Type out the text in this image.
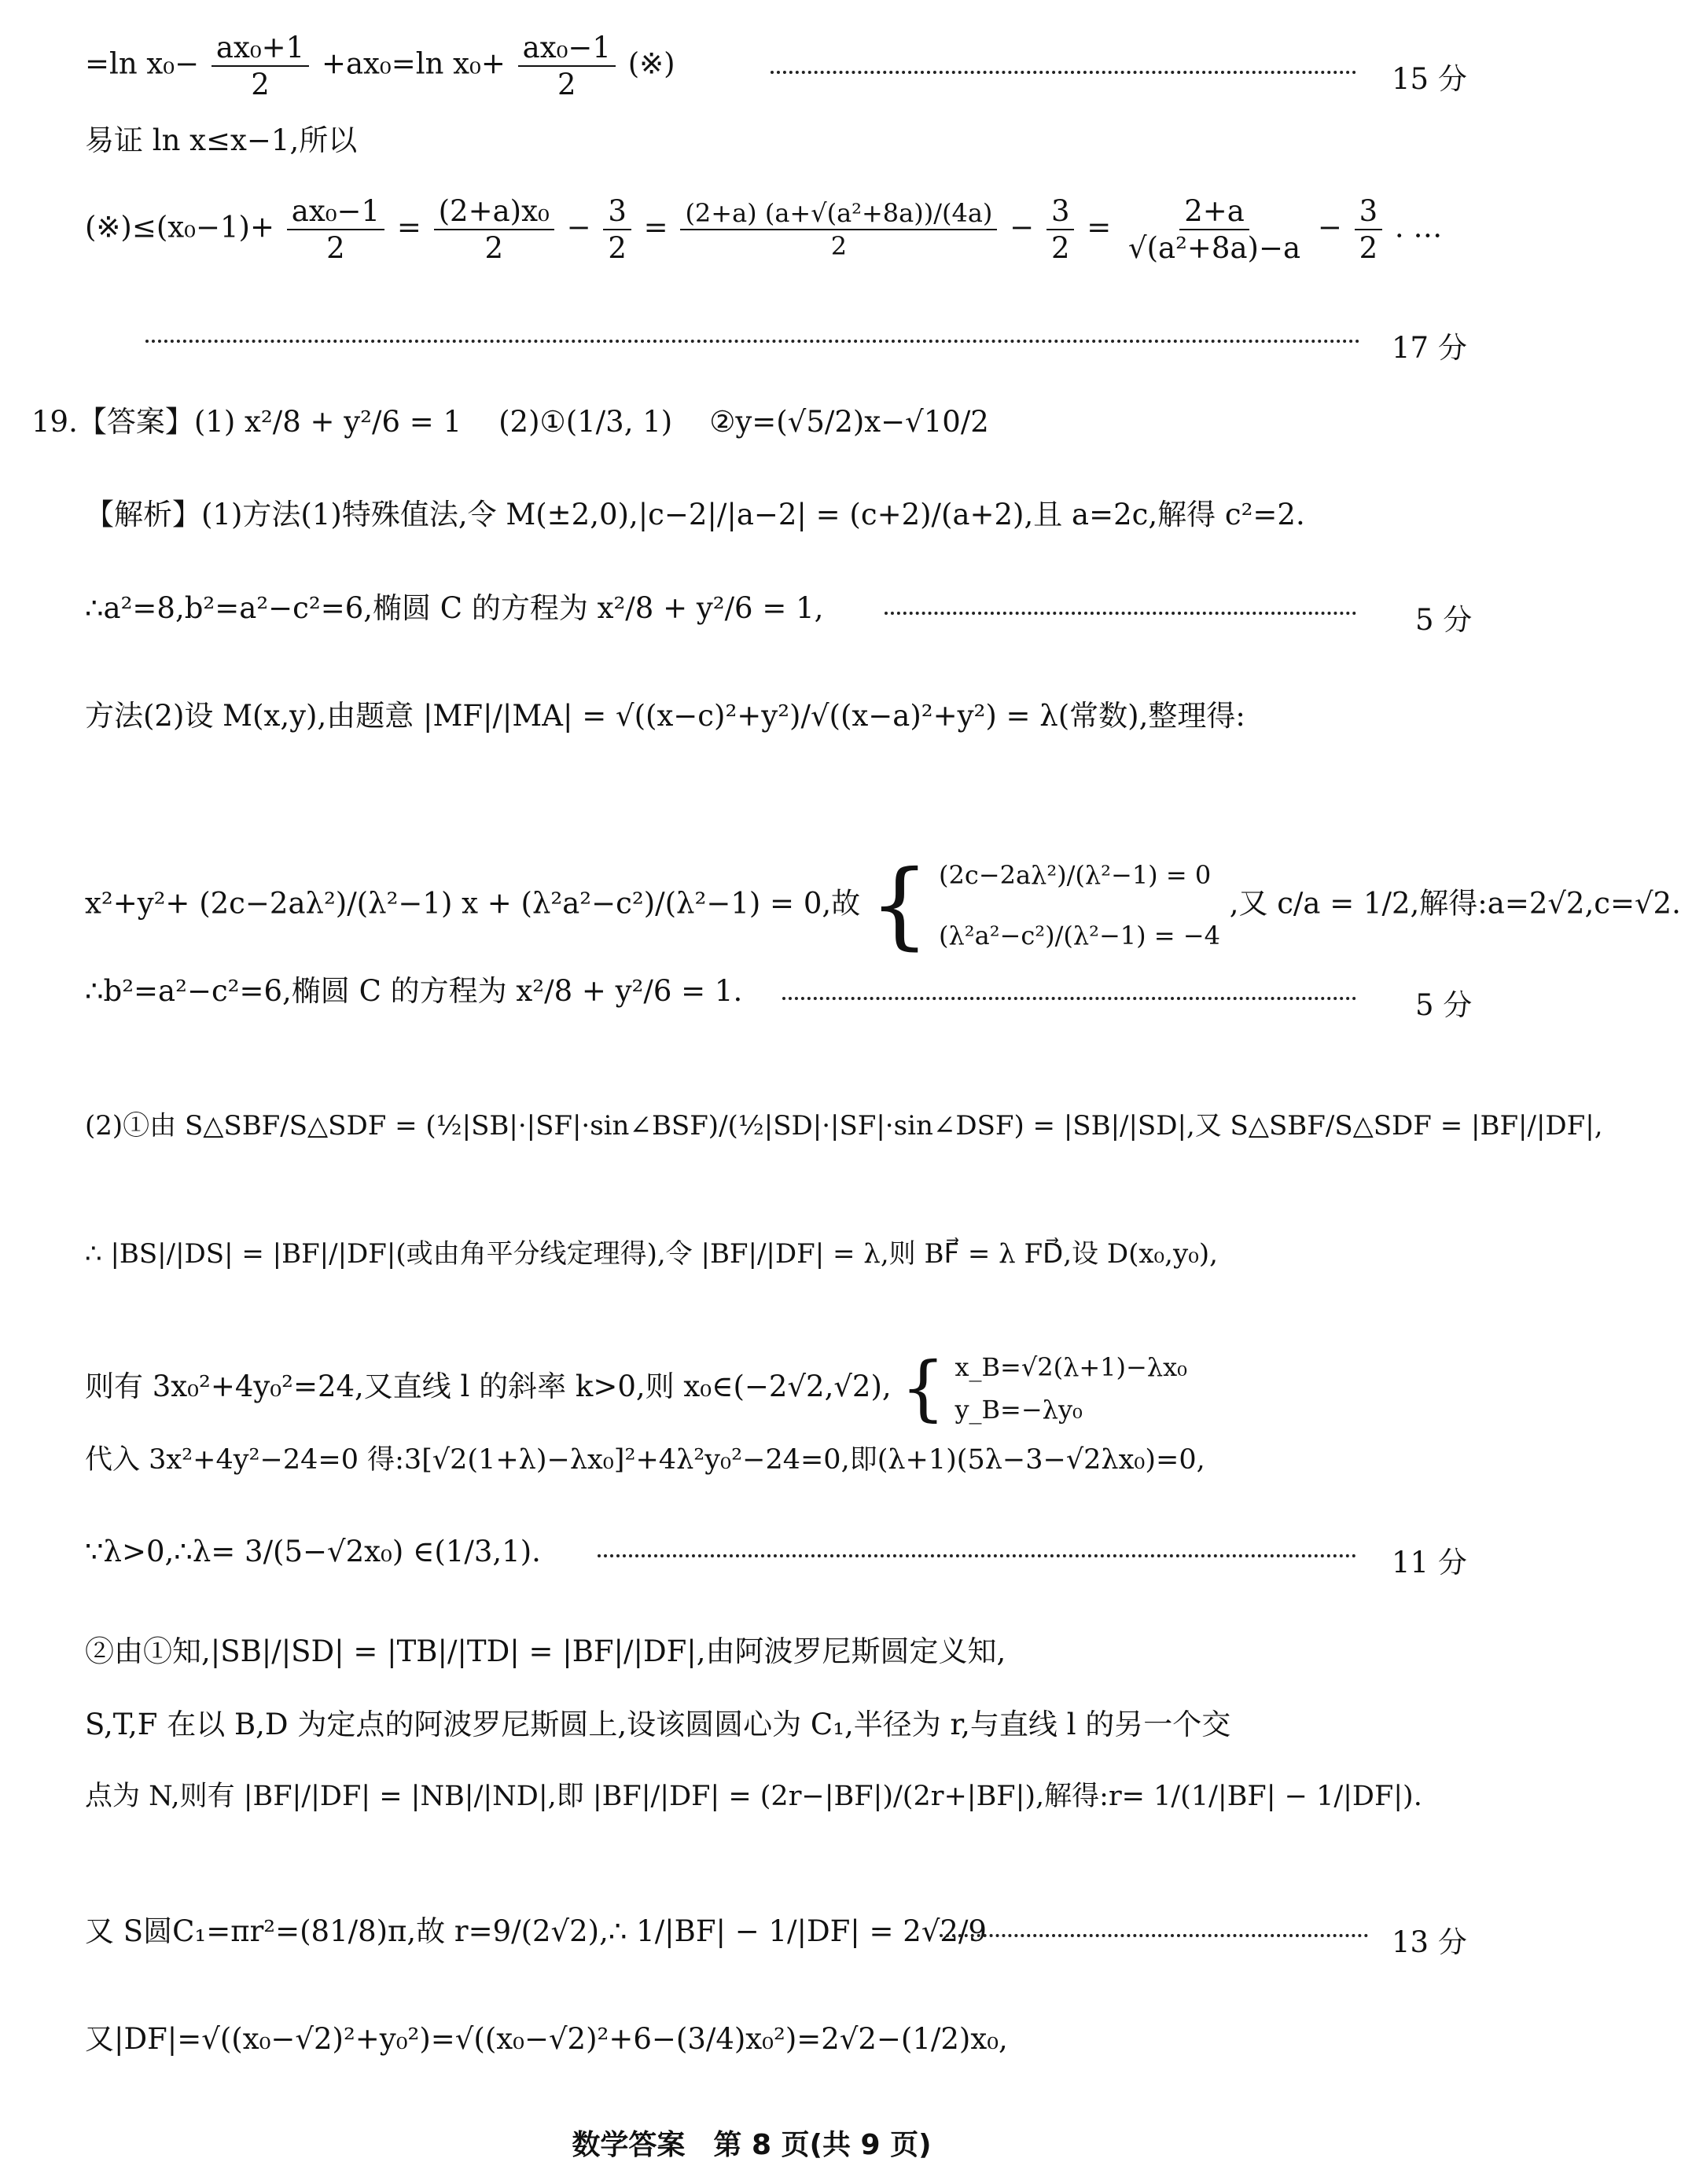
=ln $x_0- \frac{\text{ax₀+1}}{2} +ax_0=\ln$ $x_0+ \frac{\text{ax₀−1}}{2}$ (※)	15 分
易证 ln x≤x−1,所以
(※)≤(x₀−1)+ $\frac{\text{ax₀−1}}{2} = \frac{\text{(2+a)x₀}}{2} - \frac{3}{2} = \frac{\text{(2+a) (a+√(a²+8a))/(4a)}}{2} - \frac{3}{2} = \frac{2+a}{\text{√(a²+8a)−a}} - \frac{3}{2}$ . …
17 分
19.【答案】(1) x²/8 + y²/6 = 1 (2)①(1/3, 1) ②y=(√5/2)x−√10/2
【解析】(1)方法(1)特殊值法,令 M(±2,0),|c−2|/|a−2| = (c+2)/(a+2),且 a=2c,解得 c²=2.
∴a²=8,b²=a²−c²=6,椭圆 C 的方程为 x²/8 + y²/6 = 1,	5 分
方法(2)设 M(x,y),由题意 |MF|/|MA| = √((x−c)²+y²)/√((x−a)²+y²) = λ(常数),整理得:
x²+y²+ (2c−2aλ²)/(λ²−1) x + (λ²a²−c²)/(λ²−1) = 0,故 { (2c−2aλ²)/(λ²−1) = 0
(λ²a²−c²)/(λ²−1) = −4
,又 c/a = 1/2,解得:a=2√2,c=√2.
∴b²=a²−c²=6,椭圆 C 的方程为 x²/8 + y²/6 = 1.	5 分
(2)①由 S△SBF/S△SDF = (½|SB|·|SF|·sin∠BSF)/(½|SD|·|SF|·sin∠DSF) = |SB|/|SD|,又 S△SBF/S△SDF = |BF|/|DF|,
∴ |BS|/|DS| = |BF|/|DF|(或由角平分线定理得),令 |BF|/|DF| = λ,则 BF⃗ = λ FD⃗,设 D(x₀,y₀),
则有 3x₀²+4y₀²=24,又直线 l 的斜率 k>0,则 x₀∈(−2√2,√2), { x_B=√2(λ+1)−λx₀
y_B=−λy₀
代入 3x²+4y²−24=0 得:3[√2(1+λ)−λx₀]²+4λ²y₀²−24=0,即(λ+1)(5λ−3−√2λx₀)=0,
∵λ>0,∴λ= 3/(5−√2x₀) ∈(1/3,1).	11 分
②由①知,|SB|/|SD| = |TB|/|TD| = |BF|/|DF|,由阿波罗尼斯圆定义知,
S,T,F 在以 B,D 为定点的阿波罗尼斯圆上,设该圆圆心为 C₁,半径为 r,与直线 l 的另一个交
点为 N,则有 |BF|/|DF| = |NB|/|ND|,即 |BF|/|DF| = (2r−|BF|)/(2r+|BF|),解得:r= 1/(1/|BF| − 1/|DF|).
又 S圆C₁=πr²=(81/8)π,故 r=9/(2√2),∴ 1/|BF| − 1/|DF| = 2√2/9	13 分
又|DF|=√((x₀−√2)²+y₀²)=√((x₀−√2)²+6−(3/4)x₀²)=2√2−(1/2)x₀,
数学答案　第 8 页(共 9 页)
